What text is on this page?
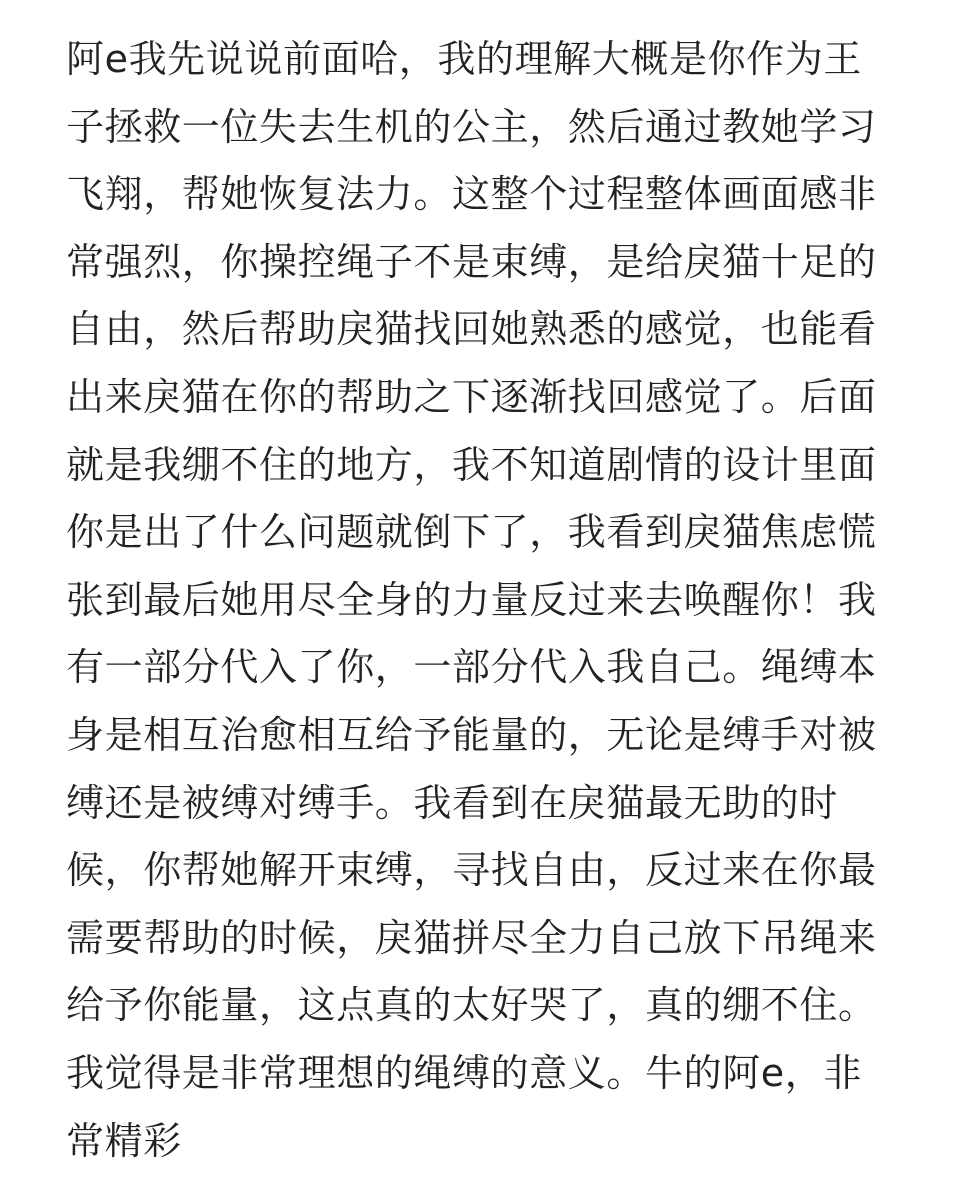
阿e我先说说前面哈，我的理解大概是你作为王
子拯救一位失去生机的公主，然后通过教她学习
飞翔，帮她恢复法力。这整个过程整体画面感非
常强烈，你操控绳子不是束缚，是给戾猫十足的
自由，然后帮助戾猫找回她熟悉的感觉，也能看
出来戾猫在你的帮助之下逐渐找回感觉了。后面
就是我绷不住的地方，我不知道剧情的设计里面
你是出了什么问题就倒下了，我看到戾猫焦虑慌
张到最后她用尽全身的力量反过来去唤醒你！我
有一部分代入了你，一部分代入我自己。绳缚本
身是相互治愈相互给予能量的，无论是缚手对被
缚还是被缚对缚手。我看到在戾猫最无助的时
候，你帮她解开束缚，寻找自由，反过来在你最
需要帮助的时候，戾猫拼尽全力自己放下吊绳来
给予你能量，这点真的太好哭了，真的绷不住。
我觉得是非常理想的绳缚的意义。牛的阿e，非
常精彩
